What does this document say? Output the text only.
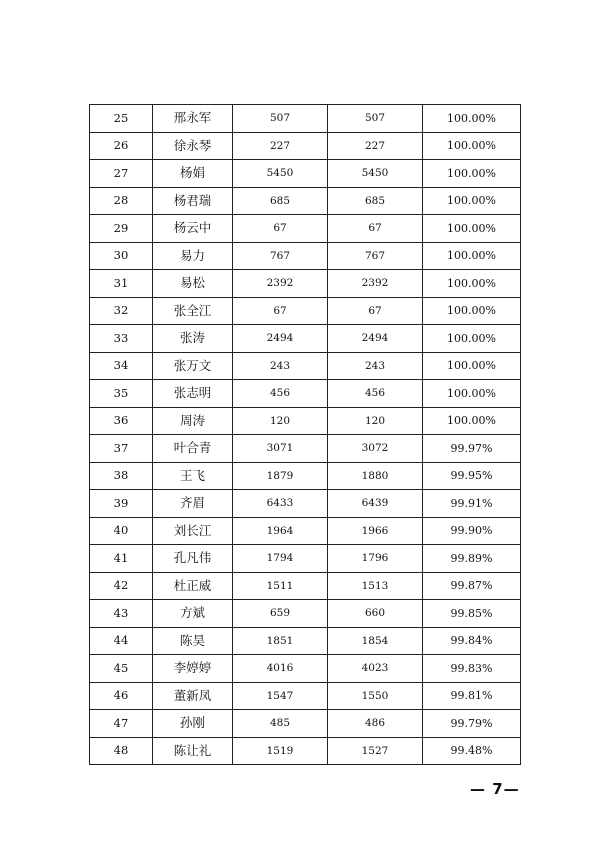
25	邢永军	507	507	100.00%
26	徐永琴	227	227	100.00%
27	杨娟	5450	5450	100.00%
28	杨君瑞	685	685	100.00%
29	杨云中	67	67	100.00%
30	易力	767	767	100.00%
31	易松	2392	2392	100.00%
32	张全江	67	67	100.00%
33	张涛	2494	2494	100.00%
34	张万文	243	243	100.00%
35	张志明	456	456	100.00%
36	周涛	120	120	100.00%
37	叶合青	3071	3072	99.97%
38	王飞	1879	1880	99.95%
39	齐眉	6433	6439	99.91%
40	刘长江	1964	1966	99.90%
41	孔凡伟	1794	1796	99.89%
42	杜正威	1511	1513	99.87%
43	方斌	659	660	99.85%
44	陈昊	1851	1854	99.84%
45	李婷婷	4016	4023	99.83%
46	董新凤	1547	1550	99.81%
47	孙刚	485	486	99.79%
48	陈让礼	1519	1527	99.48%
— 7—
